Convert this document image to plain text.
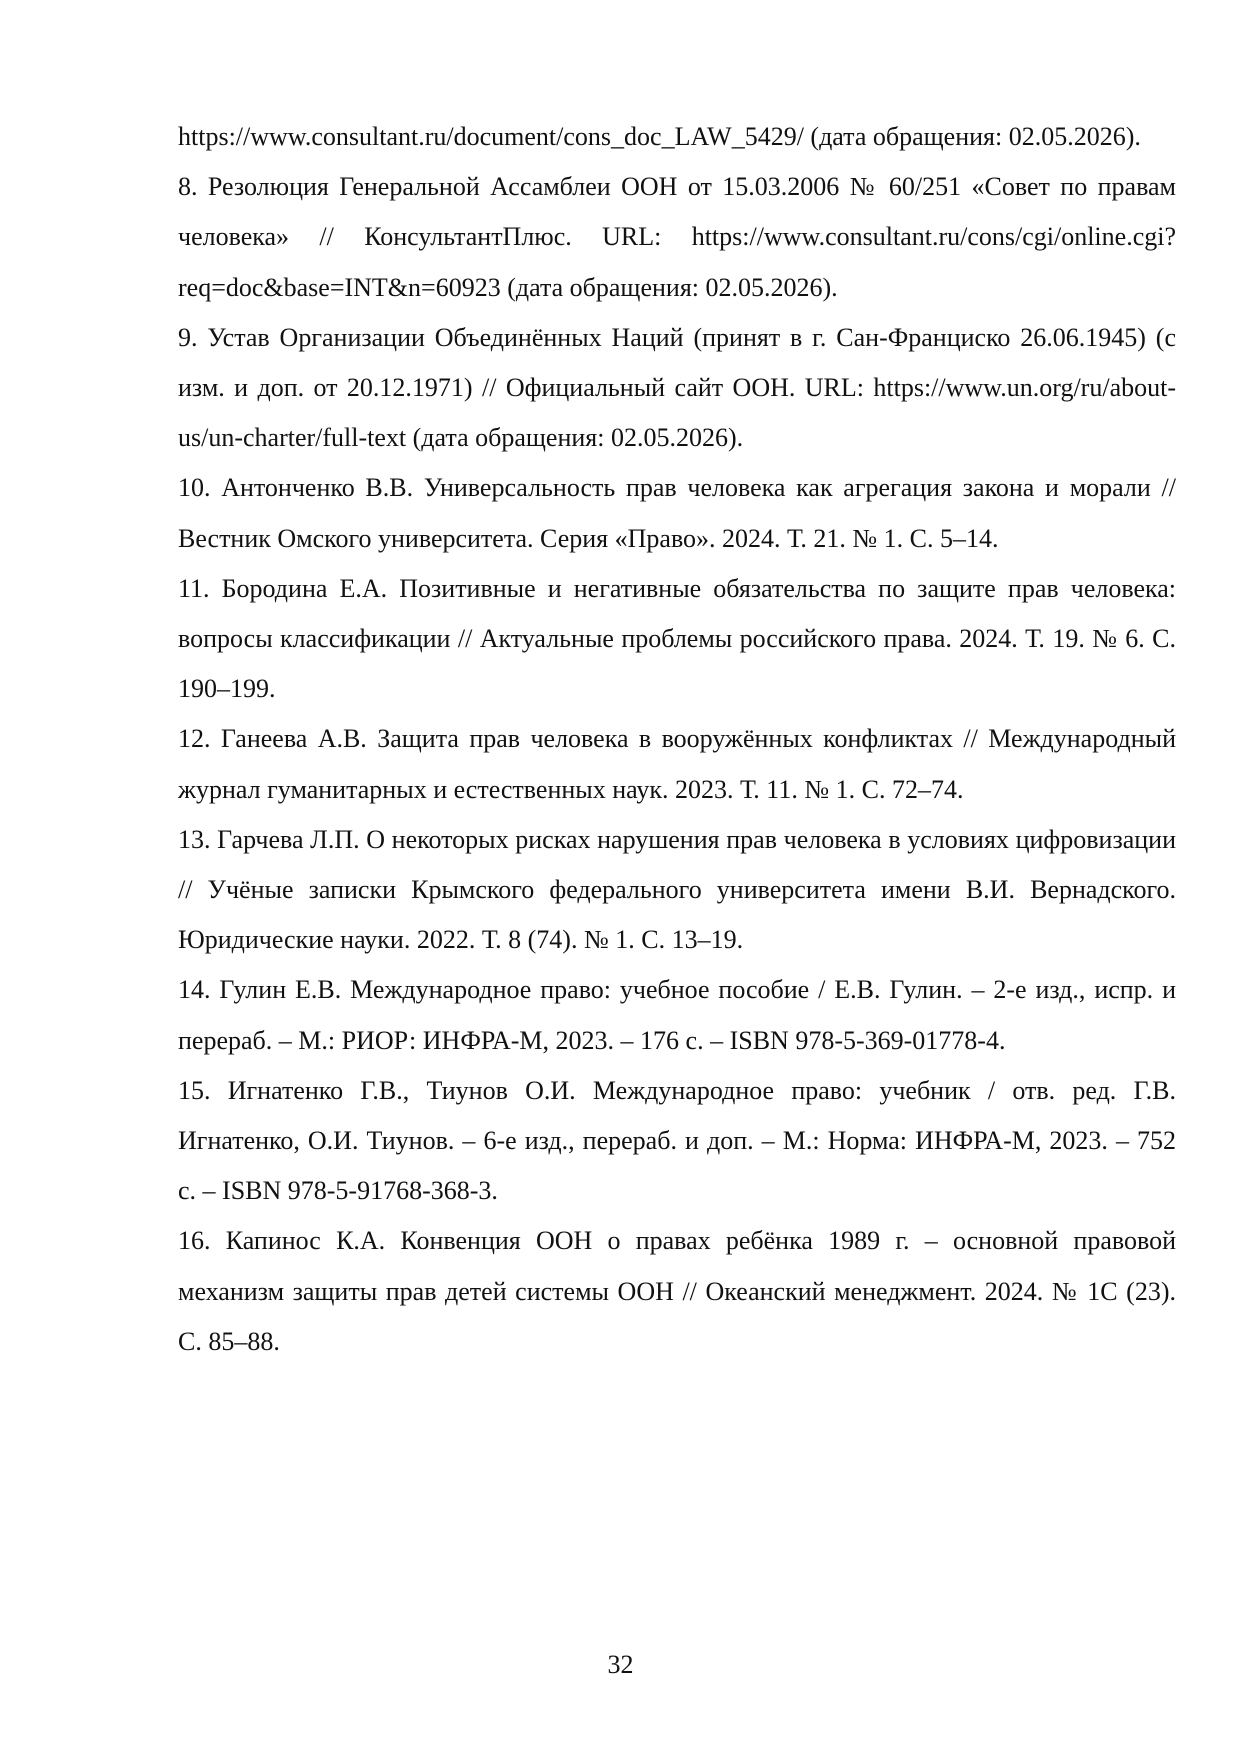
https://www.consultant.ru/document/cons_doc_LAW_5429/ (дата обращения: 02.05.2026).

8. Резолюция Генеральной Ассамблеи ООН от 15.03.2006 № 60/251 «Совет по правам человека» // КонсультантПлюс. URL: https://www.consultant.ru/cons/cgi/online.cgi?req=doc&base=INT&n=60923 (дата обращения: 02.05.2026).

9. Устав Организации Объединённых Наций (принят в г. Сан-Франциско 26.06.1945) (с изм. и доп. от 20.12.1971) // Официальный сайт ООН. URL: https://www.un.org/ru/about-us/un-charter/full-text (дата обращения: 02.05.2026).

10. Антонченко В.В. Универсальность прав человека как агрегация закона и морали // Вестник Омского университета. Серия «Право». 2024. Т. 21. № 1. С. 5–14.

11. Бородина Е.А. Позитивные и негативные обязательства по защите прав человека: вопросы классификации // Актуальные проблемы российского права. 2024. Т. 19. № 6. С. 190–199.

12. Ганеева А.В. Защита прав человека в вооружённых конфликтах // Международный журнал гуманитарных и естественных наук. 2023. Т. 11. № 1. С. 72–74.

13. Гарчева Л.П. О некоторых рисках нарушения прав человека в условиях цифровизации // Учёные записки Крымского федерального университета имени В.И. Вернадского. Юридические науки. 2022. Т. 8 (74). № 1. С. 13–19.

14. Гулин Е.В. Международное право: учебное пособие / Е.В. Гулин. – 2-е изд., испр. и перераб. – М.: РИОР: ИНФРА-М, 2023. – 176 с. – ISBN 978-5-369-01778-4.

15. Игнатенко Г.В., Тиунов О.И. Международное право: учебник / отв. ред. Г.В. Игнатенко, О.И. Тиунов. – 6-е изд., перераб. и доп. – М.: Норма: ИНФРА-М, 2023. – 752 с. – ISBN 978-5-91768-368-3.

16. Капинос К.А. Конвенция ООН о правах ребёнка 1989 г. – основной правовой механизм защиты прав детей системы ООН // Океанский менеджмент. 2024. № 1С (23). С. 85–88.

32
